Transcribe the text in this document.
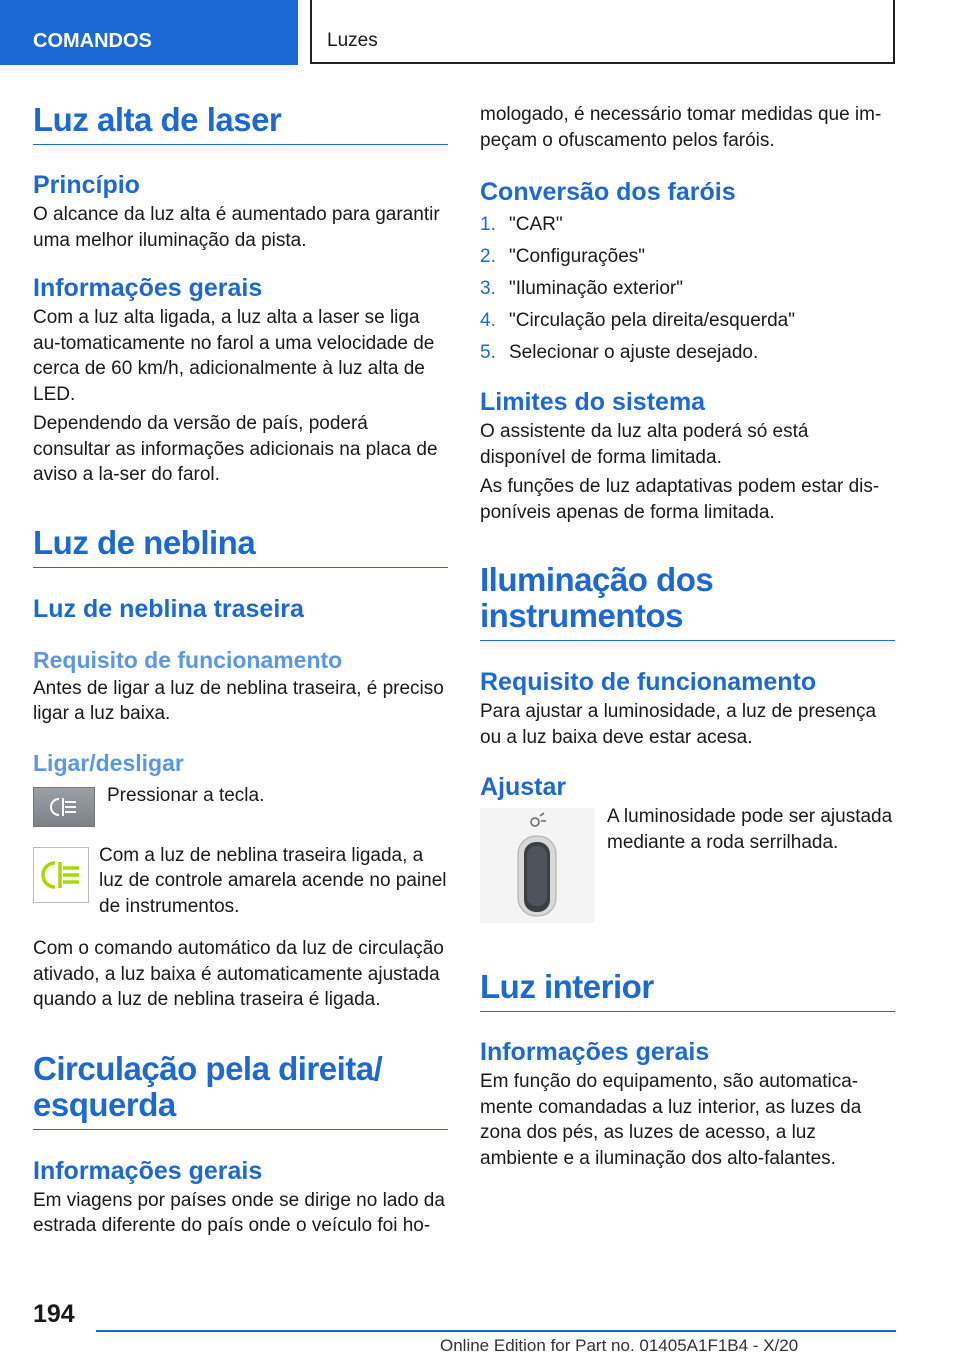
COMANDOS	Luzes
Luz alta de laser
Princípio

O alcance da luz alta é aumentado para garantir uma melhor iluminação da pista.

Informações gerais

Com a luz alta ligada, a luz alta a laser se liga au-tomaticamente no farol a uma velocidade de cerca de 60 km/h, adicionalmente à luz alta de LED.

Dependendo da versão de país, poderá consultar as informações adicionais na placa de aviso a la-ser do farol.

Luz de neblina
Luz de neblina traseira
Requisito de funcionamento

Antes de ligar a luz de neblina traseira, é preciso ligar a luz baixa.

Ligar/desligar

Pressionar a tecla.

Com a luz de neblina traseira ligada, a luz de controle amarela acende no painel de instrumentos.

Com o comando automático da luz de circulação ativado, a luz baixa é automaticamente ajustada quando a luz de neblina traseira é ligada.

Circulação pela direita/ esquerda
Informações gerais

Em viagens por países onde se dirige no lado da estrada diferente do país onde o veículo foi ho-

mologado, é necessário tomar medidas que im-peçam o ofuscamento pelos faróis.

Conversão dos faróis
1. "CAR"
2. "Configurações"
3. "Iluminação exterior"
4. "Circulação pela direita/esquerda"
5. Selecionar o ajuste desejado.
Limites do sistema

O assistente da luz alta poderá só está disponível de forma limitada.

As funções de luz adaptativas podem estar dis-poníveis apenas de forma limitada.

Iluminação dos instrumentos
Requisito de funcionamento

Para ajustar a luminosidade, a luz de presença ou a luz baixa deve estar acesa.

Ajustar

A luminosidade pode ser ajustada mediante a roda serrilhada.

Luz interior
Informações gerais

Em função do equipamento, são automatica-mente comandadas a luz interior, as luzes da zona dos pés, as luzes de acesso, a luz ambiente e a iluminação dos alto-falantes.

194
Online Edition for Part no. 01405A1F1B4 - X/20
